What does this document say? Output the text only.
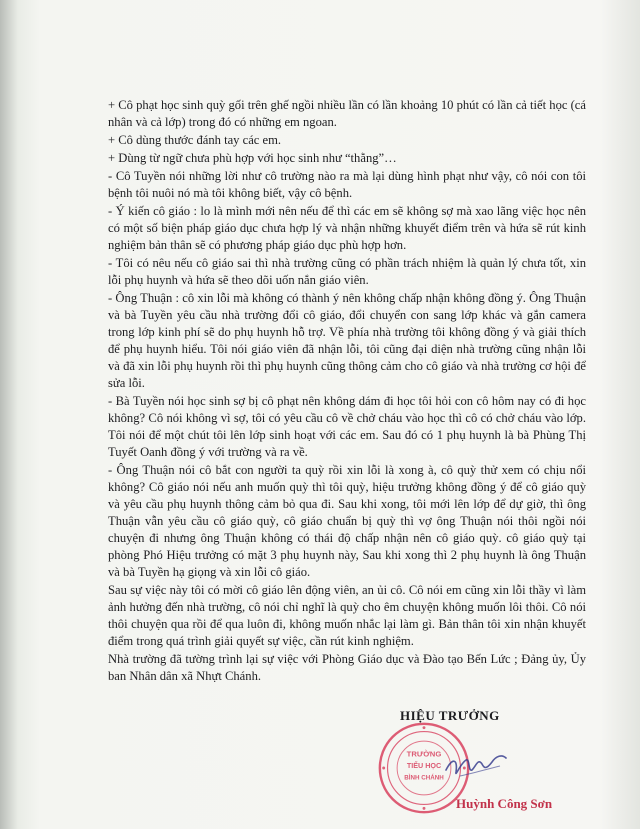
+ Cô phạt học sinh quỳ gối trên ghế ngồi nhiều lần có lần khoảng 10 phút có lần cả tiết học (cá nhân và cả lớp) trong đó có những em ngoan.

+ Cô dùng thước đánh tay các em.

+ Dùng từ ngữ chưa phù hợp với học sinh như “thằng”…

- Cô Tuyền nói những lời như cô trường nào ra mà lại dùng hình phạt như vậy, cô nói con tôi bệnh tôi nuôi nó mà tôi không biết, vậy cô bệnh.

- Ý kiến cô giáo : lo là mình mới nên nếu để thì các em sẽ không sợ mà xao lãng việc học nên có một số biện pháp giáo dục chưa hợp lý và nhận những khuyết điểm trên và hứa sẽ rút kinh nghiệm bản thân sẽ có phương pháp giáo dục phù hợp hơn.

- Tôi có nêu nếu cô giáo sai thì nhà trường cũng có phần trách nhiệm là quản lý chưa tốt, xin lỗi phụ huynh và hứa sẽ theo dõi uốn nắn giáo viên.

- Ông Thuận : cô xin lỗi mà không có thành ý nên không chấp nhận không đồng ý. Ông Thuận và bà Tuyền yêu cầu nhà trường đổi cô giáo, đổi chuyển con sang lớp khác và gắn camera trong lớp kinh phí sẽ do phụ huynh hỗ trợ. Về phía nhà trường tôi không đồng ý và giải thích để phụ huynh hiểu. Tôi nói giáo viên đã nhận lỗi, tôi cũng đại diện nhà trường cũng nhận lỗi và đã xin lỗi phụ huynh rồi thì phụ huynh cũng thông cảm cho cô giáo và nhà trường cơ hội để sửa lỗi.

- Bà Tuyền nói học sinh sợ bị cô phạt nên không dám đi học tôi hỏi con cô hôm nay có đi học không? Cô nói không vì sợ, tôi có yêu cầu cô về chở cháu vào học thì cô có chở cháu vào lớp. Tôi nói để một chút tôi lên lớp sinh hoạt với các em. Sau đó có 1 phụ huynh là bà Phùng Thị Tuyết Oanh đồng ý với trường và ra về.

- Ông Thuận nói cô bắt con người ta quỳ rồi xin lỗi là xong à, cô quỳ thử xem có chịu nổi không? Cô giáo nói nếu anh muốn quỳ thì tôi quỳ, hiệu trưởng không đồng ý để cô giáo quỳ và yêu cầu phụ huynh thông cảm bỏ qua đi. Sau khi xong, tôi mới lên lớp để dự giờ, thì ông Thuận vẫn yêu cầu cô giáo quỳ, cô giáo chuẩn bị quỳ thì vợ ông Thuận nói thôi ngồi nói chuyện đi nhưng ông Thuận không có thái độ chấp nhận nên cô giáo quỳ. cô giáo quỳ tại phòng Phó Hiệu trưởng có mặt 3 phụ huynh này, Sau khi xong thì 2 phụ huynh là ông Thuận và bà Tuyền hạ giọng và xin lỗi cô giáo.

Sau sự việc này tôi có mời cô giáo lên động viên, an ủi cô. Cô nói em cũng xin lỗi thầy vì làm ảnh hưởng đến nhà trường, cô nói chỉ nghĩ là quỳ cho êm chuyện không muốn lôi thôi. Cô nói thôi chuyện qua rồi để qua luôn đi, không muốn nhắc lại làm gì. Bản thân tôi xin nhận khuyết điểm trong quá trình giải quyết sự việc, cần rút kinh nghiệm.

Nhà trường đã tường trình lại sự việc với Phòng Giáo dục và Đào tạo Bến Lức ; Đảng ủy, Ủy ban Nhân dân xã Nhựt Chánh.

HIỆU TRƯỞNG
TRƯỜNG
TIỂU HỌC
BÌNH CHÁNH
Huỳnh Công Sơn
